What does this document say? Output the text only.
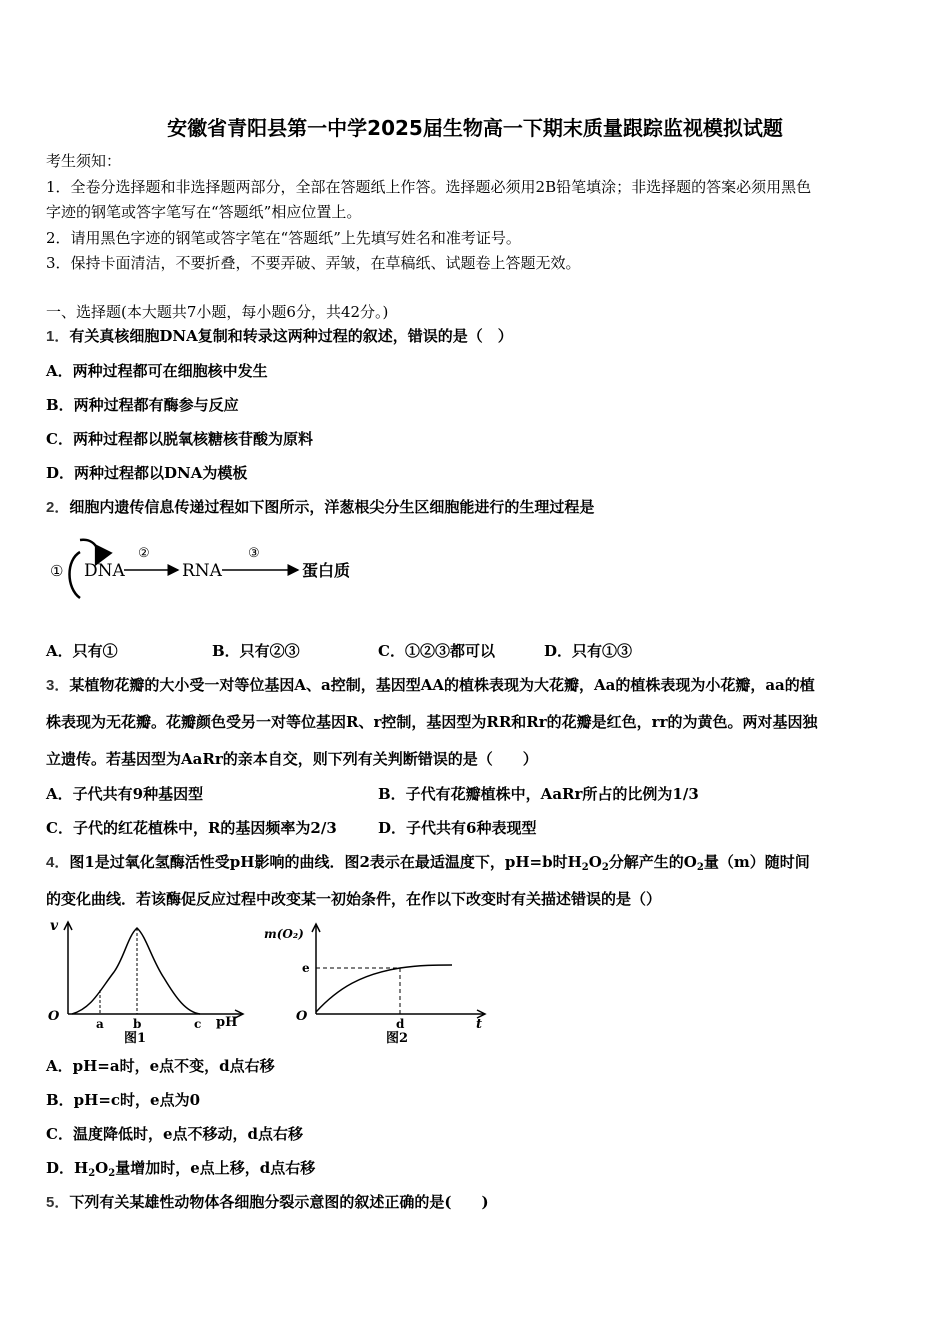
安徽省青阳县第一中学2025届生物高一下期末质量跟踪监视模拟试题
考生须知：
1．全卷分选择题和非选择题两部分，全部在答题纸上作答。选择题必须用2B铅笔填涂；非选择题的答案必须用黑色
字迹的钢笔或答字笔写在“答题纸”相应位置上。
2．请用黑色字迹的钢笔或答字笔在“答题纸”上先填写姓名和准考证号。
3．保持卡面清洁，不要折叠，不要弄破、弄皱，在草稿纸、试题卷上答题无效。
一、选择题(本大题共7小题，每小题6分，共42分。)
1．有关真核细胞DNA复制和转录这两种过程的叙述，错误的是（　）
A．两种过程都可在细胞核中发生
B．两种过程都有酶参与反应
C．两种过程都以脱氧核糖核苷酸为原料
D．两种过程都以DNA为模板
2．细胞内遗传信息传递过程如下图所示，洋葱根尖分生区细胞能进行的生理过程是
① DNA
②
RNA
③
蛋白质
A．只有①	B．只有②③	C．①②③都可以	D．只有①③
3．某植物花瓣的大小受一对等位基因A、a控制，基因型AA的植株表现为大花瓣，Aa的植株表现为小花瓣，aa的植
株表现为无花瓣。花瓣颜色受另一对等位基因R、r控制，基因型为RR和Rr的花瓣是红色，rr的为黄色。两对基因独
立遗传。若基因型为AaRr的亲本自交，则下列有关判断错误的是（　　）
A．子代共有9种基因型	B．子代有花瓣植株中，AaRr所占的比例为1/3
C．子代的红花植株中，R的基因频率为2/3	D．子代共有6种表现型
4．图1是过氧化氢酶活性受pH影响的曲线．图2表示在最适温度下，pH=b时$H_2O_2$分解产生的$O_2$量（m）随时间
的变化曲线．若该酶促反应过程中改变某一初始条件，在作以下改变时有关描述错误的是（）
v
O	a b	c pH
图1
m(O₂)
O
e
d	t
图2
A．pH=a时，e点不变，d点右移
B．pH=c时，e点为0
C．温度降低时，e点不移动，d点右移
D．$H_2O_2$量增加时，e点上移，d点右移
5．下列有关某雄性动物体各细胞分裂示意图的叙述正确的是(　　)
